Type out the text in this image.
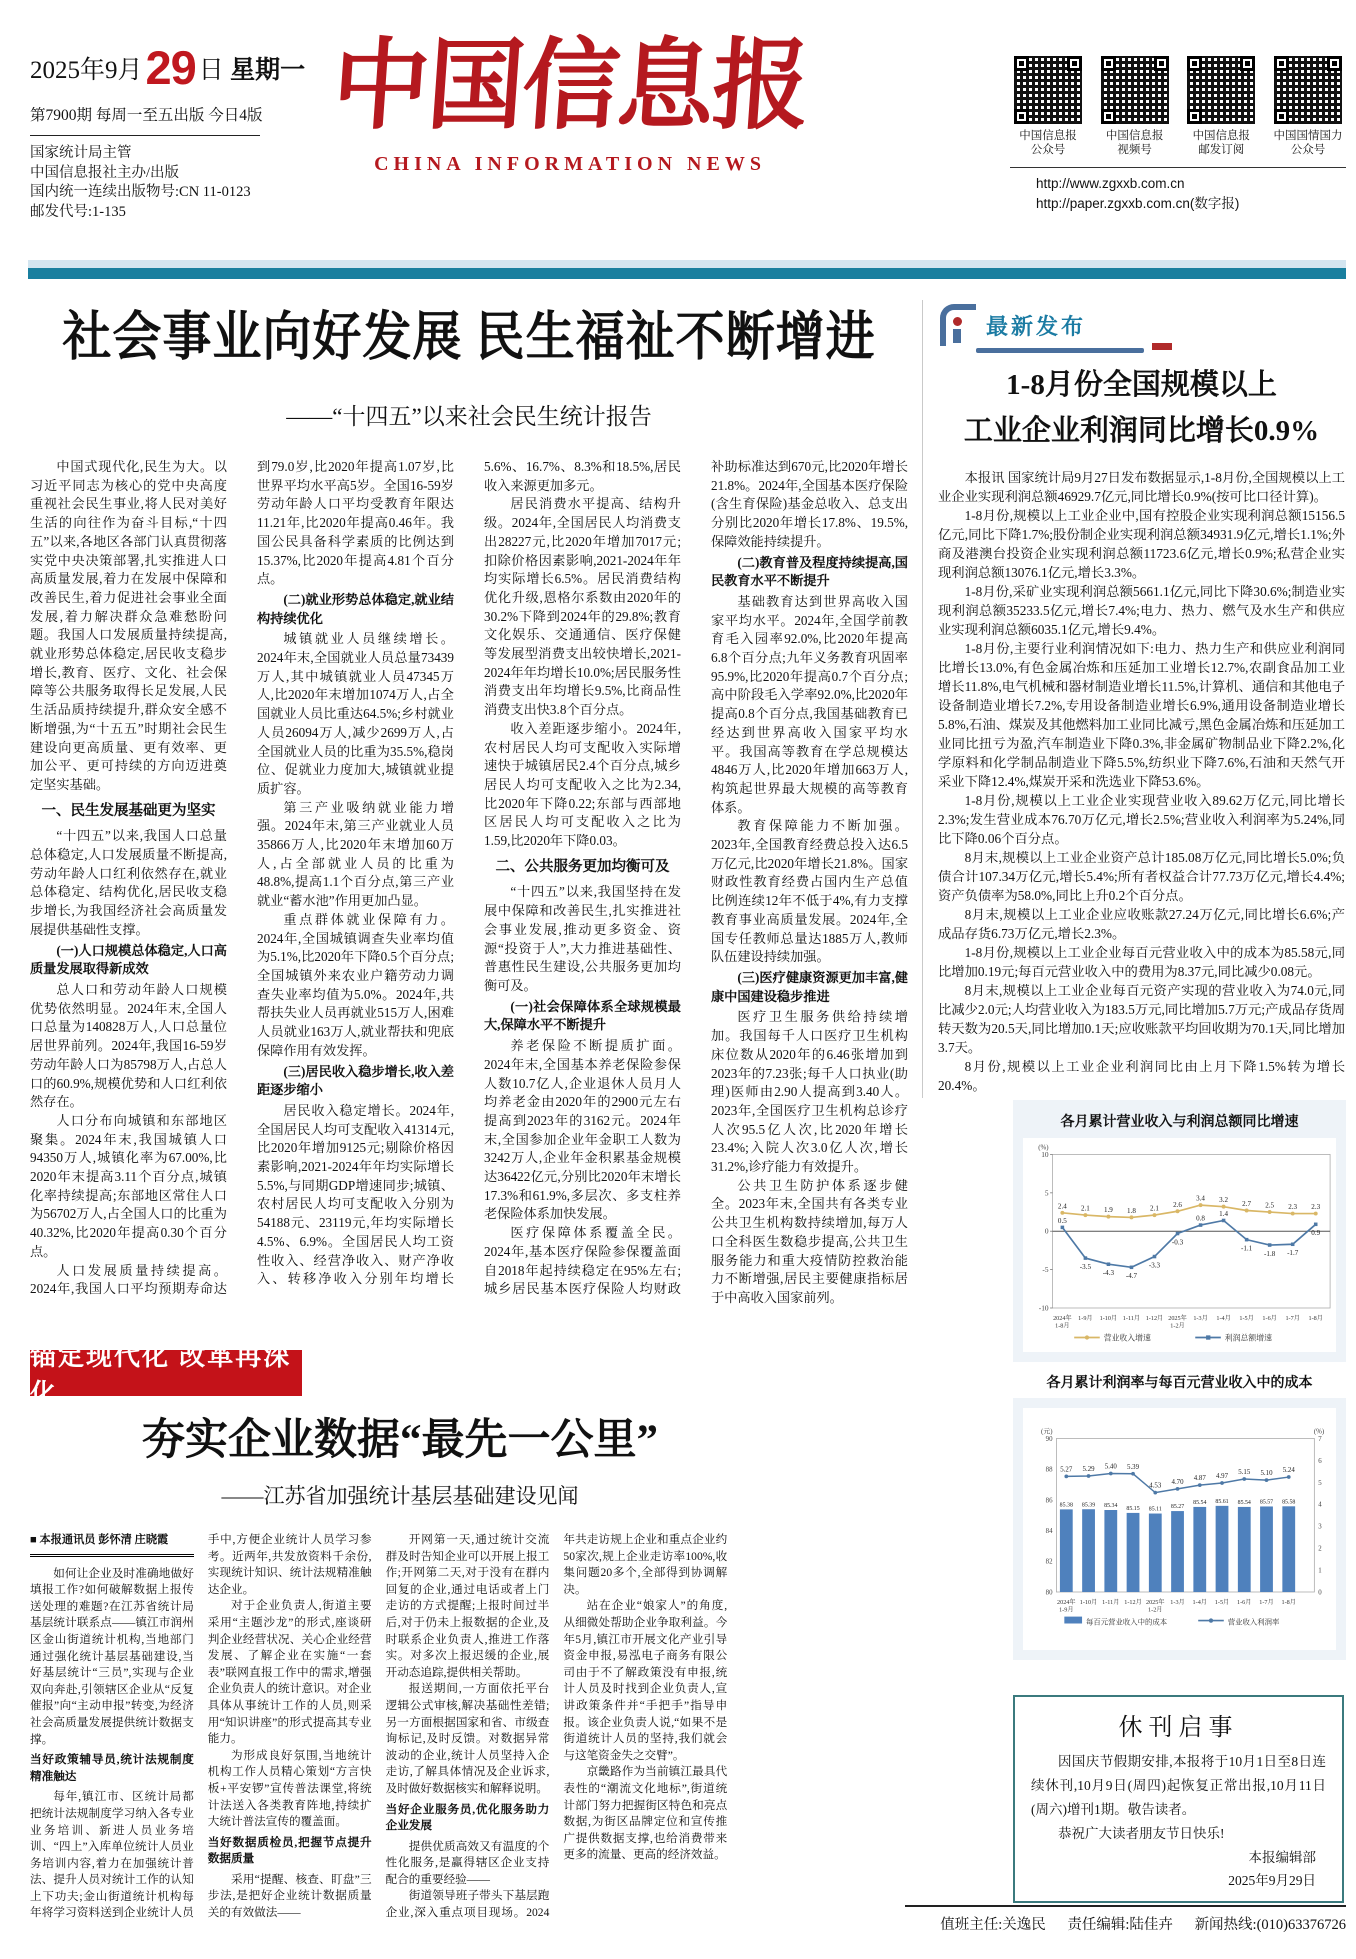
2025年9月29 日 星期一
第7900期 每周一至五出版 今日4版
国家统计局主管
中国信息报社主办/出版
国内统一连续出版物号:CN 11-0123
邮发代号:1-135
中国信息报
CHINA INFORMATION NEWS
中国信息报
公众号
中国信息报
视频号
中国信息报
邮发订阅
中国国情国力
公众号
http://www.zgxxb.com.cn
http://paper.zgxxb.com.cn(数字报)
社会事业向好发展 民生福祉不断增进
——“十四五”以来社会民生统计报告

中国式现代化,民生为大。以习近平同志为核心的党中央高度重视社会民生事业,将人民对美好生活的向往作为奋斗目标,“十四五”以来,各地区各部门认真贯彻落实党中央决策部署,扎实推进人口高质量发展,着力在发展中保障和改善民生,着力促进社会事业全面发展,着力解决群众急难愁盼问题。我国人口发展质量持续提高,就业形势总体稳定,居民收支稳步增长,教育、医疗、文化、社会保障等公共服务取得长足发展,人民生活品质持续提升,群众安全感不断增强,为“十五五”时期社会民生建设向更高质量、更有效率、更加公平、更可持续的方向迈进奠定坚实基础。

一、民生发展基础更为坚实

“十四五”以来,我国人口总量总体稳定,人口发展质量不断提高,劳动年龄人口红利依然存在,就业总体稳定、结构优化,居民收支稳步增长,为我国经济社会高质量发展提供基础性支撑。

(一)人口规模总体稳定,人口高质量发展取得新成效

总人口和劳动年龄人口规模优势依然明显。2024年末,全国人口总量为140828万人,人口总量位居世界前列。2024年,我国16-59岁劳动年龄人口为85798万人,占总人口的60.9%,规模优势和人口红利依然存在。

人口分布向城镇和东部地区聚集。2024年末,我国城镇人口94350万人,城镇化率为67.00%,比2020年末提高3.11个百分点,城镇化率持续提高;东部地区常住人口为56702万人,占全国人口的比重为40.32%,比2020年提高0.30个百分点。

人口发展质量持续提高。2024年,我国人口平均预期寿命达到79.0岁,比2020年提高1.07岁,比世界平均水平高5岁。全国16-59岁劳动年龄人口平均受教育年限达11.21年,比2020年提高0.46年。我国公民具备科学素质的比例达到15.37%,比2020年提高4.81个百分点。

(二)就业形势总体稳定,就业结构持续优化

城镇就业人员继续增长。2024年末,全国就业人员总量73439万人,其中城镇就业人员47345万人,比2020年末增加1074万人,占全国就业人员比重达64.5%;乡村就业人员26094万人,减少2699万人,占全国就业人员的比重为35.5%,稳岗位、促就业力度加大,城镇就业提质扩容。

第三产业吸纳就业能力增强。2024年末,第三产业就业人员35866万人,比2020年末增加60万人,占全部就业人员的比重为48.8%,提高1.1个百分点,第三产业就业“蓄水池”作用更加凸显。

重点群体就业保障有力。2024年,全国城镇调查失业率均值为5.1%,比2020年下降0.5个百分点;全国城镇外来农业户籍劳动力调查失业率均值为5.0%。2024年,共帮扶失业人员再就业515万人,困难人员就业163万人,就业帮扶和兜底保障作用有效发挥。

(三)居民收入稳步增长,收入差距逐步缩小

居民收入稳定增长。2024年,全国居民人均可支配收入41314元,比2020年增加9125元;剔除价格因素影响,2021-2024年年均实际增长5.5%,与同期GDP增速同步;城镇、农村居民人均可支配收入分别为54188元、23119元,年均实际增长4.5%、6.9%。全国居民人均工资性收入、经营净收入、财产净收入、转移净收入分别年均增长5.6%、16.7%、8.3%和18.5%,居民收入来源更加多元。

居民消费水平提高、结构升级。2024年,全国居民人均消费支出28227元,比2020年增加7017元;扣除价格因素影响,2021-2024年年均实际增长6.5%。居民消费结构优化升级,恩格尔系数由2020年的30.2%下降到2024年的29.8%;教育文化娱乐、交通通信、医疗保健等发展型消费支出较快增长,2021-2024年年均增长10.0%;居民服务性消费支出年均增长9.5%,比商品性消费支出快3.8个百分点。

收入差距逐步缩小。2024年,农村居民人均可支配收入实际增速快于城镇居民2.4个百分点,城乡居民人均可支配收入之比为2.34,比2020年下降0.22;东部与西部地区居民人均可支配收入之比为1.59,比2020年下降0.03。

二、公共服务更加均衡可及

“十四五”以来,我国坚持在发展中保障和改善民生,扎实推进社会事业发展,推动更多资金、资源“投资于人”,大力推进基础性、普惠性民生建设,公共服务更加均衡可及。

(一)社会保障体系全球规模最大,保障水平不断提升

养老保险不断提质扩面。2024年末,全国基本养老保险参保人数10.7亿人,企业退休人员月人均养老金由2020年的2900元左右提高到2023年的3162元。2024年末,全国参加企业年金职工人数为3242万人,企业年金积累基金规模达36422亿元,分别比2020年末增长17.3%和61.9%,多层次、多支柱养老保险体系加快发展。

医疗保障体系覆盖全民。2024年,基本医疗保险参保覆盖面自2018年起持续稳定在95%左右;城乡居民基本医疗保险人均财政补助标准达到670元,比2020年增长21.8%。2024年,全国基本医疗保险(含生育保险)基金总收入、总支出分别比2020年增长17.8%、19.5%,保障效能持续提升。

(二)教育普及程度持续提高,国民教育水平不断提升

基础教育达到世界高收入国家平均水平。2024年,全国学前教育毛入园率92.0%,比2020年提高6.8个百分点;九年义务教育巩固率95.9%,比2020年提高0.7个百分点;高中阶段毛入学率92.0%,比2020年提高0.8个百分点,我国基础教育已经达到世界高收入国家平均水平。我国高等教育在学总规模达4846万人,比2020年增加663万人,构筑起世界最大规模的高等教育体系。

教育保障能力不断加强。2023年,全国教育经费总投入达6.5万亿元,比2020年增长21.8%。国家财政性教育经费占国内生产总值比例连续12年不低于4%,有力支撑教育事业高质量发展。2024年,全国专任教师总量达1885万人,教师队伍建设持续加强。

(三)医疗健康资源更加丰富,健康中国建设稳步推进

医疗卫生服务供给持续增加。我国每千人口医疗卫生机构床位数从2020年的6.46张增加到2023年的7.23张;每千人口执业(助理)医师由2.90人提高到3.40人。2023年,全国医疗卫生机构总诊疗人次95.5亿人次,比2020年增长23.4%;入院人次3.0亿人次,增长31.2%,诊疗能力有效提升。

公共卫生防护体系逐步健全。2023年末,全国共有各类专业公共卫生机构数持续增加,每万人口全科医生数稳步提高,公共卫生服务能力和重大疫情防控救治能力不断增强,居民主要健康指标居于中高收入国家前列。

最新发布
1-8月份全国规模以上
工业企业利润同比增长0.9%

本报讯 国家统计局9月27日发布数据显示,1-8月份,全国规模以上工业企业实现利润总额46929.7亿元,同比增长0.9%(按可比口径计算)。

1-8月份,规模以上工业企业中,国有控股企业实现利润总额15156.5亿元,同比下降1.7%;股份制企业实现利润总额34931.9亿元,增长1.1%;外商及港澳台投资企业实现利润总额11723.6亿元,增长0.9%;私营企业实现利润总额13076.1亿元,增长3.3%。

1-8月份,采矿业实现利润总额5661.1亿元,同比下降30.6%;制造业实现利润总额35233.5亿元,增长7.4%;电力、热力、燃气及水生产和供应业实现利润总额6035.1亿元,增长9.4%。

1-8月份,主要行业利润情况如下:电力、热力生产和供应业利润同比增长13.0%,有色金属冶炼和压延加工业增长12.7%,农副食品加工业增长11.8%,电气机械和器材制造业增长11.5%,计算机、通信和其他电子设备制造业增长7.2%,专用设备制造业增长6.9%,通用设备制造业增长5.8%,石油、煤炭及其他燃料加工业同比减亏,黑色金属冶炼和压延加工业同比扭亏为盈,汽车制造业下降0.3%,非金属矿物制品业下降2.2%,化学原料和化学制品制造业下降5.5%,纺织业下降7.6%,石油和天然气开采业下降12.4%,煤炭开采和洗选业下降53.6%。

1-8月份,规模以上工业企业实现营业收入89.62万亿元,同比增长2.3%;发生营业成本76.70万亿元,增长2.5%;营业收入利润率为5.24%,同比下降0.06个百分点。

8月末,规模以上工业企业资产总计185.08万亿元,同比增长5.0%;负债合计107.34万亿元,增长5.4%;所有者权益合计77.73万亿元,增长4.4%;资产负债率为58.0%,同比上升0.2个百分点。

8月末,规模以上工业企业应收账款27.24万亿元,同比增长6.6%;产成品存货6.73万亿元,增长2.3%。

1-8月份,规模以上工业企业每百元营业收入中的成本为85.58元,同比增加0.19元;每百元营业收入中的费用为8.37元,同比减少0.08元。

8月末,规模以上工业企业每百元资产实现的营业收入为74.0元,同比减少2.0元;人均营业收入为183.5万元,同比增加5.7万元;产成品存货周转天数为20.5天,同比增加0.1天;应收账款平均回收期为70.1天,同比增加3.7天。

8月份,规模以上工业企业利润同比由上月下降1.5%转为增长20.4%。

各月累计营业收入与利润总额同比增速
10
5
0
-5
-10
(%)
2.4 2.1 1.9 1.8 2.1 2.6
3.4 3.2 2.7 2.5 2.3 2.3
0.5
-3.5
-4.3 -4.7
-3.3
-0.3
0.8
1.4
-1.1
-1.8 -1.7
0.9
2024年
1-8月
1-9月 1-10月 1-11月 1-12月 2025年
1-2月
1-3月 1-4月 1-5月 1-6月 1-7月 1-8月
营业收入增速	利润总额增速
各月累计利润率与每百元营业收入中的成本
80
82
84
86
88
90
0
1
2
3
4
5
6
7
(元)	(%)
85.38 85.39 85.34 85.15 85.11 85.27
85.54 85.61 85.54 85.57 85.58
5.27 5.29 5.40 5.39
4.53
4.70
4.87 4.97
5.15 5.10 5.24
2024年
1-9月
1-10月 1-11月 1-12月 2025年
1-2月
1-3月 1-4月 1-5月 1-6月 1-7月 1-8月
每百元营业收入中的成本	营业收入利润率
锚定现代化 改革再深化
夯实企业数据“最先一公里”
——江苏省加强统计基层基础建设见闻
■ 本报通讯员 彭怀清 庄晓霞

如何让企业及时准确地做好填报工作?如何破解数据上报传送处理的难题?在江苏省统计局基层统计联系点——镇江市润州区金山街道统计机构,当地部门通过强化统计基层基础建设,当好基层统计“三员”,实现与企业双向奔赴,引领辖区企业从“反复催报”向“主动申报”转变,为经济社会高质量发展提供统计数据支撑。

当好政策辅导员,统计法规制度精准触达

每年,镇江市、区统计局都把统计法规制度学习纳入各专业业务培训、新进人员业务培训、“四上”入库单位统计人员业务培训内容,着力在加强统计普法、提升人员对统计工作的认知上下功夫;金山街道统计机构每年将学习资料送到企业统计人员手中,方便企业统计人员学习参考。近两年,共发放资料千余份,实现统计知识、统计法规精准触达企业。

对于企业负责人,街道主要采用“主题沙龙”的形式,座谈研判企业经营状况、关心企业经营发展、了解企业在实施“一套表”联网直报工作中的需求,增强企业负责人的统计意识。对企业具体从事统计工作的人员,则采用“知识讲座”的形式提高其专业能力。

为形成良好氛围,当地统计机构工作人员精心策划“方言快板+平安锣”宣传普法课堂,将统计法送入各类教育阵地,持续扩大统计普法宣传的覆盖面。

当好数据质检员,把握节点提升数据质量

采用“提醒、核查、盯盘”三步法,是把好企业统计数据质量关的有效做法——

开网第一天,通过统计交流群及时告知企业可以开展上报工作;开网第二天,对于没有在群内回复的企业,通过电话或者上门走访的方式提醒;上报时间过半后,对于仍未上报数据的企业,及时联系企业负责人,推进工作落实。对多次上报迟缓的企业,展开动态追踪,提供相关帮助。

报送期间,一方面依托平台逻辑公式审核,解决基础性差错;另一方面根据国家和省、市级查询标记,及时反馈。对数据异常波动的企业,统计人员坚持入企走访,了解具体情况及企业诉求,及时做好数据核实和解释说明。

当好企业服务员,优化服务助力企业发展

提供优质高效又有温度的个性化服务,是赢得辖区企业支持配合的重要经验——

街道领导班子带头下基层跑企业,深入重点项目现场。2024年共走访规上企业和重点企业约50家次,规上企业走访率100%,收集问题20多个,全部得到协调解决。

站在企业“娘家人”的角度,从细微处帮助企业争取利益。今年5月,镇江市开展文化产业引导资金申报,易泓电子商务有限公司由于不了解政策没有申报,统计人员及时找到企业负责人,宣讲政策条件并“手把手”指导申报。该企业负责人说,“如果不是街道统计人员的坚持,我们就会与这笔资金失之交臂”。

京畿路作为当前镇江最具代表性的“潮流文化地标”,街道统计部门努力把握街区特色和亮点数据,为街区品牌定位和宣传推广提供数据支撑,也给消费带来更多的流量、更高的经济效益。

休刊启事

因国庆节假期安排,本报将于10月1日至8日连续休刊,10月9日(周四)起恢复正常出报,10月11日(周六)增刊1期。敬告读者。

恭祝广大读者朋友节日快乐!

本报编辑部
2025年9月29日
值班主任:关逸民 责任编辑:陆佳卉 新闻热线:(010)63376726
